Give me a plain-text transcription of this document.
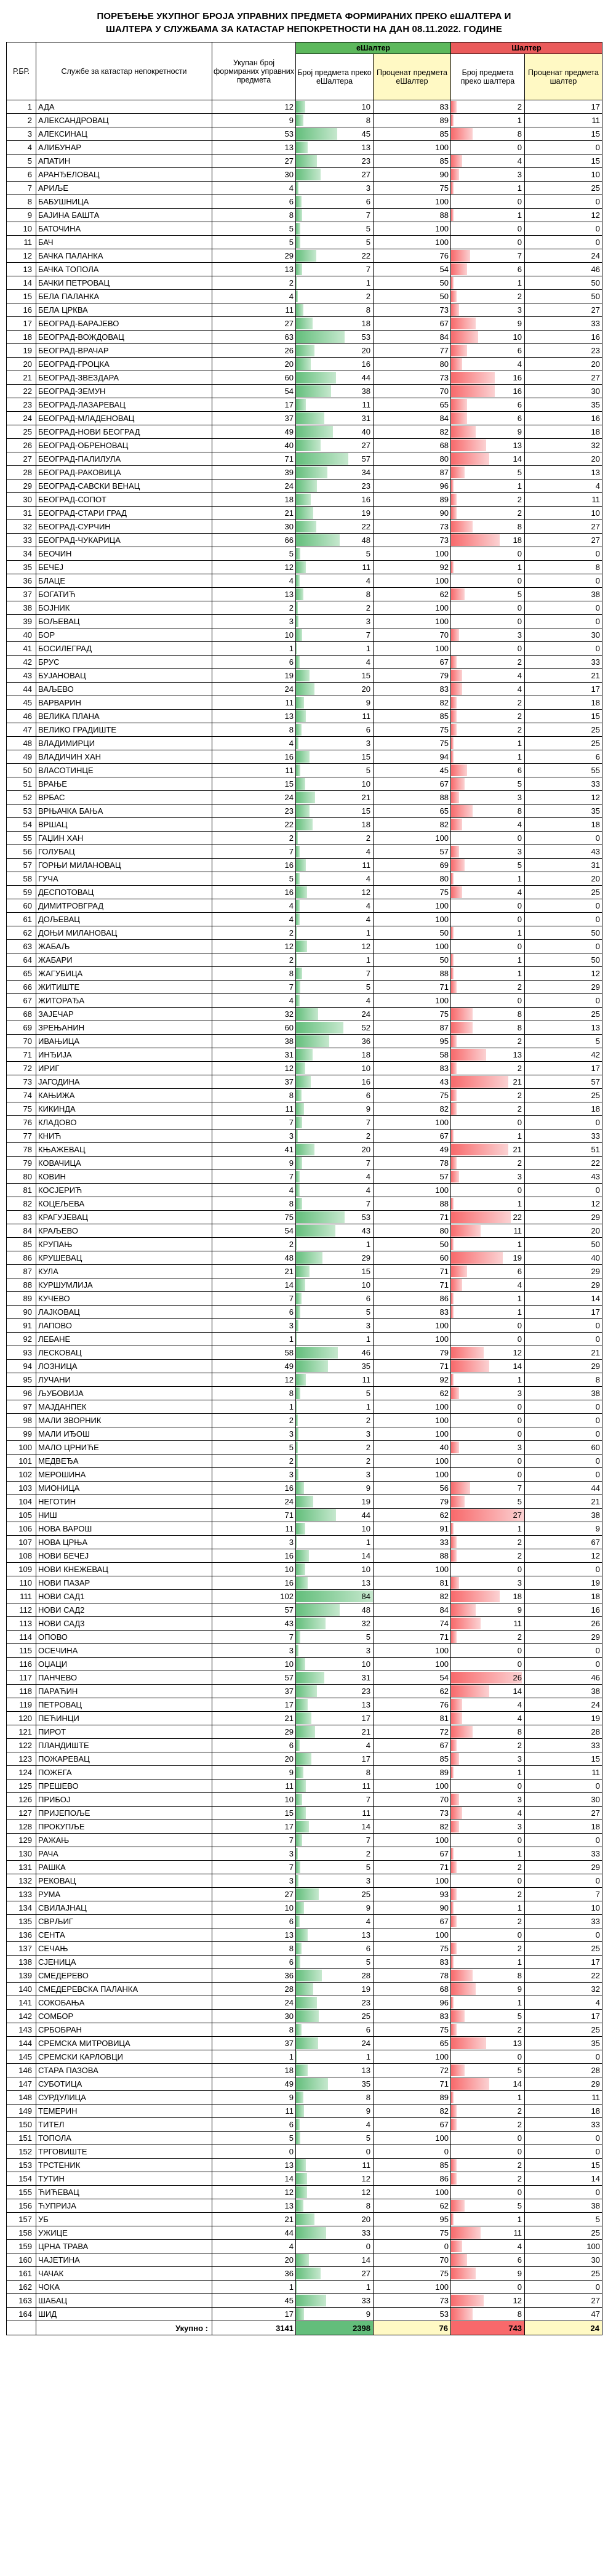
ПОРЕЂЕЊЕ УКУПНОГ БРОЈА УПРАВНИХ ПРЕДМЕТА ФОРМИРАНИХ ПРЕКО еШАЛТЕРА И
ШАЛТЕРА У СЛУЖБАМА ЗА КАТАСТАР НЕПОКРЕТНОСТИ НА ДАН 08.11.2022. ГОДИНЕ
Р.БР.	Службе за катастар непокретности	Укупан број формираних управних предмета	еШалтер		Шалтер	
			Број предмета преко еШалтера	Проценат предмета еШалтер	Број предмета преко шалтера	Проценат предмета шалтер
1	АДА	12	10	83	2	17
2	АЛЕКСАНДРОВАЦ	9	8	89	1	11
3	АЛЕКСИНАЦ	53	45	85	8	15
4	АЛИБУНАР	13	13	100	0	0
5	АПАТИН	27	23	85	4	15
6	АРАНЂЕЛОВАЦ	30	27	90	3	10
7	АРИЉЕ	4	3	75	1	25
8	БАБУШНИЦА	6	6	100	0	0
9	БАЈИНА БАШТА	8	7	88	1	12
10	БАТОЧИНА	5	5	100	0	0
11	БАЧ	5	5	100	0	0
12	БАЧКА ПАЛАНКА	29	22	76	7	24
13	БАЧКА ТОПОЛА	13	7	54	6	46
14	БАЧКИ ПЕТРОВАЦ	2	1	50	1	50
15	БЕЛА ПАЛАНКА	4	2	50	2	50
16	БЕЛА ЦРКВА	11	8	73	3	27
17	БЕОГРАД-БАРАЈЕВО	27	18	67	9	33
18	БЕОГРАД-ВОЖДОВАЦ	63	53	84	10	16
19	БЕОГРАД-ВРАЧАР	26	20	77	6	23
20	БЕОГРАД-ГРОЦКА	20	16	80	4	20
21	БЕОГРАД-ЗВЕЗДАРА	60	44	73	16	27
22	БЕОГРАД-ЗЕМУН	54	38	70	16	30
23	БЕОГРАД-ЛАЗАРЕВАЦ	17	11	65	6	35
24	БЕОГРАД-МЛАДЕНОВАЦ	37	31	84	6	16
25	БЕОГРАД-НОВИ БЕОГРАД	49	40	82	9	18
26	БЕОГРАД-ОБРЕНОВАЦ	40	27	68	13	32
27	БЕОГРАД-ПАЛИЛУЛА	71	57	80	14	20
28	БЕОГРАД-РАКОВИЦА	39	34	87	5	13
29	БЕОГРАД-САВСКИ ВЕНАЦ	24	23	96	1	4
30	БЕОГРАД-СОПОТ	18	16	89	2	11
31	БЕОГРАД-СТАРИ ГРАД	21	19	90	2	10
32	БЕОГРАД-СУРЧИН	30	22	73	8	27
33	БЕОГРАД-ЧУКАРИЦА	66	48	73	18	27
34	БЕОЧИН	5	5	100	0	0
35	БЕЧЕЈ	12	11	92	1	8
36	БЛАЦЕ	4	4	100	0	0
37	БОГАТИЋ	13	8	62	5	38
38	БОЈНИК	2	2	100	0	0
39	БОЉЕВАЦ	3	3	100	0	0
40	БОР	10	7	70	3	30
41	БОСИЛЕГРАД	1	1	100	0	0
42	БРУС	6	4	67	2	33
43	БУЈАНОВАЦ	19	15	79	4	21
44	ВАЉЕВО	24	20	83	4	17
45	ВАРВАРИН	11	9	82	2	18
46	ВЕЛИКА ПЛАНА	13	11	85	2	15
47	ВЕЛИКО ГРАДИШТЕ	8	6	75	2	25
48	ВЛАДИМИРЦИ	4	3	75	1	25
49	ВЛАДИЧИН ХАН	16	15	94	1	6
50	ВЛАСОТИНЦЕ	11	5	45	6	55
51	ВРАЊЕ	15	10	67	5	33
52	ВРБАС	24	21	88	3	12
53	ВРЊАЧКА БАЊА	23	15	65	8	35
54	ВРШАЦ	22	18	82	4	18
55	ГАЏИН ХАН	2	2	100	0	0
56	ГОЛУБАЦ	7	4	57	3	43
57	ГОРЊИ МИЛАНОВАЦ	16	11	69	5	31
58	ГУЧА	5	4	80	1	20
59	ДЕСПОТОВАЦ	16	12	75	4	25
60	ДИМИТРОВГРАД	4	4	100	0	0
61	ДОЉЕВАЦ	4	4	100	0	0
62	ДОЊИ МИЛАНОВАЦ	2	1	50	1	50
63	ЖАБАЉ	12	12	100	0	0
64	ЖАБАРИ	2	1	50	1	50
65	ЖАГУБИЦА	8	7	88	1	12
66	ЖИТИШТЕ	7	5	71	2	29
67	ЖИТОРАЂА	4	4	100	0	0
68	ЗАЈЕЧАР	32	24	75	8	25
69	ЗРЕЊАНИН	60	52	87	8	13
70	ИВАЊИЦА	38	36	95	2	5
71	ИНЂИЈА	31	18	58	13	42
72	ИРИГ	12	10	83	2	17
73	ЈАГОДИНА	37	16	43	21	57
74	КАЊИЖА	8	6	75	2	25
75	КИКИНДА	11	9	82	2	18
76	КЛАДОВО	7	7	100	0	0
77	КНИЋ	3	2	67	1	33
78	КЊАЖЕВАЦ	41	20	49	21	51
79	КОВАЧИЦА	9	7	78	2	22
80	КОВИН	7	4	57	3	43
81	КОСЈЕРИЋ	4	4	100	0	0
82	КОЦЕЉЕВА	8	7	88	1	12
83	КРАГУЈЕВАЦ	75	53	71	22	29
84	КРАЉЕВО	54	43	80	11	20
85	КРУПАЊ	2	1	50	1	50
86	КРУШЕВАЦ	48	29	60	19	40
87	КУЛА	21	15	71	6	29
88	КУРШУМЛИЈА	14	10	71	4	29
89	КУЧЕВО	7	6	86	1	14
90	ЛАЈКОВАЦ	6	5	83	1	17
91	ЛАПОВО	3	3	100	0	0
92	ЛЕБАНЕ	1	1	100	0	0
93	ЛЕСКОВАЦ	58	46	79	12	21
94	ЛОЗНИЦА	49	35	71	14	29
95	ЛУЧАНИ	12	11	92	1	8
96	ЉУБОВИЈА	8	5	62	3	38
97	МАЈДАНПЕК	1	1	100	0	0
98	МАЛИ ЗВОРНИК	2	2	100	0	0
99	МАЛИ ИЂОШ	3	3	100	0	0
100	МАЛО ЦРНИЋЕ	5	2	40	3	60
101	МЕДВЕЂА	2	2	100	0	0
102	МЕРОШИНА	3	3	100	0	0
103	МИОНИЦА	16	9	56	7	44
104	НЕГОТИН	24	19	79	5	21
105	НИШ	71	44	62	27	38
106	НОВА ВАРОШ	11	10	91	1	9
107	НОВА ЦРЊА	3	1	33	2	67
108	НОВИ БЕЧЕЈ	16	14	88	2	12
109	НОВИ КНЕЖЕВАЦ	10	10	100	0	0
110	НОВИ ПАЗАР	16	13	81	3	19
111	НОВИ САД1	102	84	82	18	18
112	НОВИ САД2	57	48	84	9	16
113	НОВИ САД3	43	32	74	11	26
114	ОПОВО	7	5	71	2	29
115	ОСЕЧИНА	3	3	100	0	0
116	ОЏАЦИ	10	10	100	0	0
117	ПАНЧЕВО	57	31	54	26	46
118	ПАРАЋИН	37	23	62	14	38
119	ПЕТРОВАЦ	17	13	76	4	24
120	ПЕЋИНЦИ	21	17	81	4	19
121	ПИРОТ	29	21	72	8	28
122	ПЛАНДИШТЕ	6	4	67	2	33
123	ПОЖАРЕВАЦ	20	17	85	3	15
124	ПОЖЕГА	9	8	89	1	11
125	ПРЕШЕВО	11	11	100	0	0
126	ПРИБОЈ	10	7	70	3	30
127	ПРИЈЕПОЉЕ	15	11	73	4	27
128	ПРОКУПЉЕ	17	14	82	3	18
129	РАЖАЊ	7	7	100	0	0
130	РАЧА	3	2	67	1	33
131	РАШКА	7	5	71	2	29
132	РЕКОВАЦ	3	3	100	0	0
133	РУМА	27	25	93	2	7
134	СВИЛАЈНАЦ	10	9	90	1	10
135	СВРЉИГ	6	4	67	2	33
136	СЕНТА	13	13	100	0	0
137	СЕЧАЊ	8	6	75	2	25
138	СЈЕНИЦА	6	5	83	1	17
139	СМЕДЕРЕВО	36	28	78	8	22
140	СМЕДЕРЕВСКА ПАЛАНКА	28	19	68	9	32
141	СОКОБАЊА	24	23	96	1	4
142	СОМБОР	30	25	83	5	17
143	СРБОБРАН	8	6	75	2	25
144	СРЕМСКА МИТРОВИЦА	37	24	65	13	35
145	СРЕМСКИ КАРЛОВЦИ	1	1	100	0	0
146	СТАРА ПАЗОВА	18	13	72	5	28
147	СУБОТИЦА	49	35	71	14	29
148	СУРДУЛИЦА	9	8	89	1	11
149	ТЕМЕРИН	11	9	82	2	18
150	ТИТЕЛ	6	4	67	2	33
151	ТОПОЛА	5	5	100	0	0
152	ТРГОВИШТЕ	0	0	0	0	0
153	ТРСТЕНИК	13	11	85	2	15
154	ТУТИН	14	12	86	2	14
155	ЋИЋЕВАЦ	12	12	100	0	0
156	ЋУПРИЈА	13	8	62	5	38
157	УБ	21	20	95	1	5
158	УЖИЦЕ	44	33	75	11	25
159	ЦРНА ТРАВА	4	0	0	4	100
160	ЧАЈЕТИНА	20	14	70	6	30
161	ЧАЧАК	36	27	75	9	25
162	ЧОКА	1	1	100	0	0
163	ШАБАЦ	45	33	73	12	27
164	ШИД	17	9	53	8	47
	Укупно :	3141	2398	76	743	24
